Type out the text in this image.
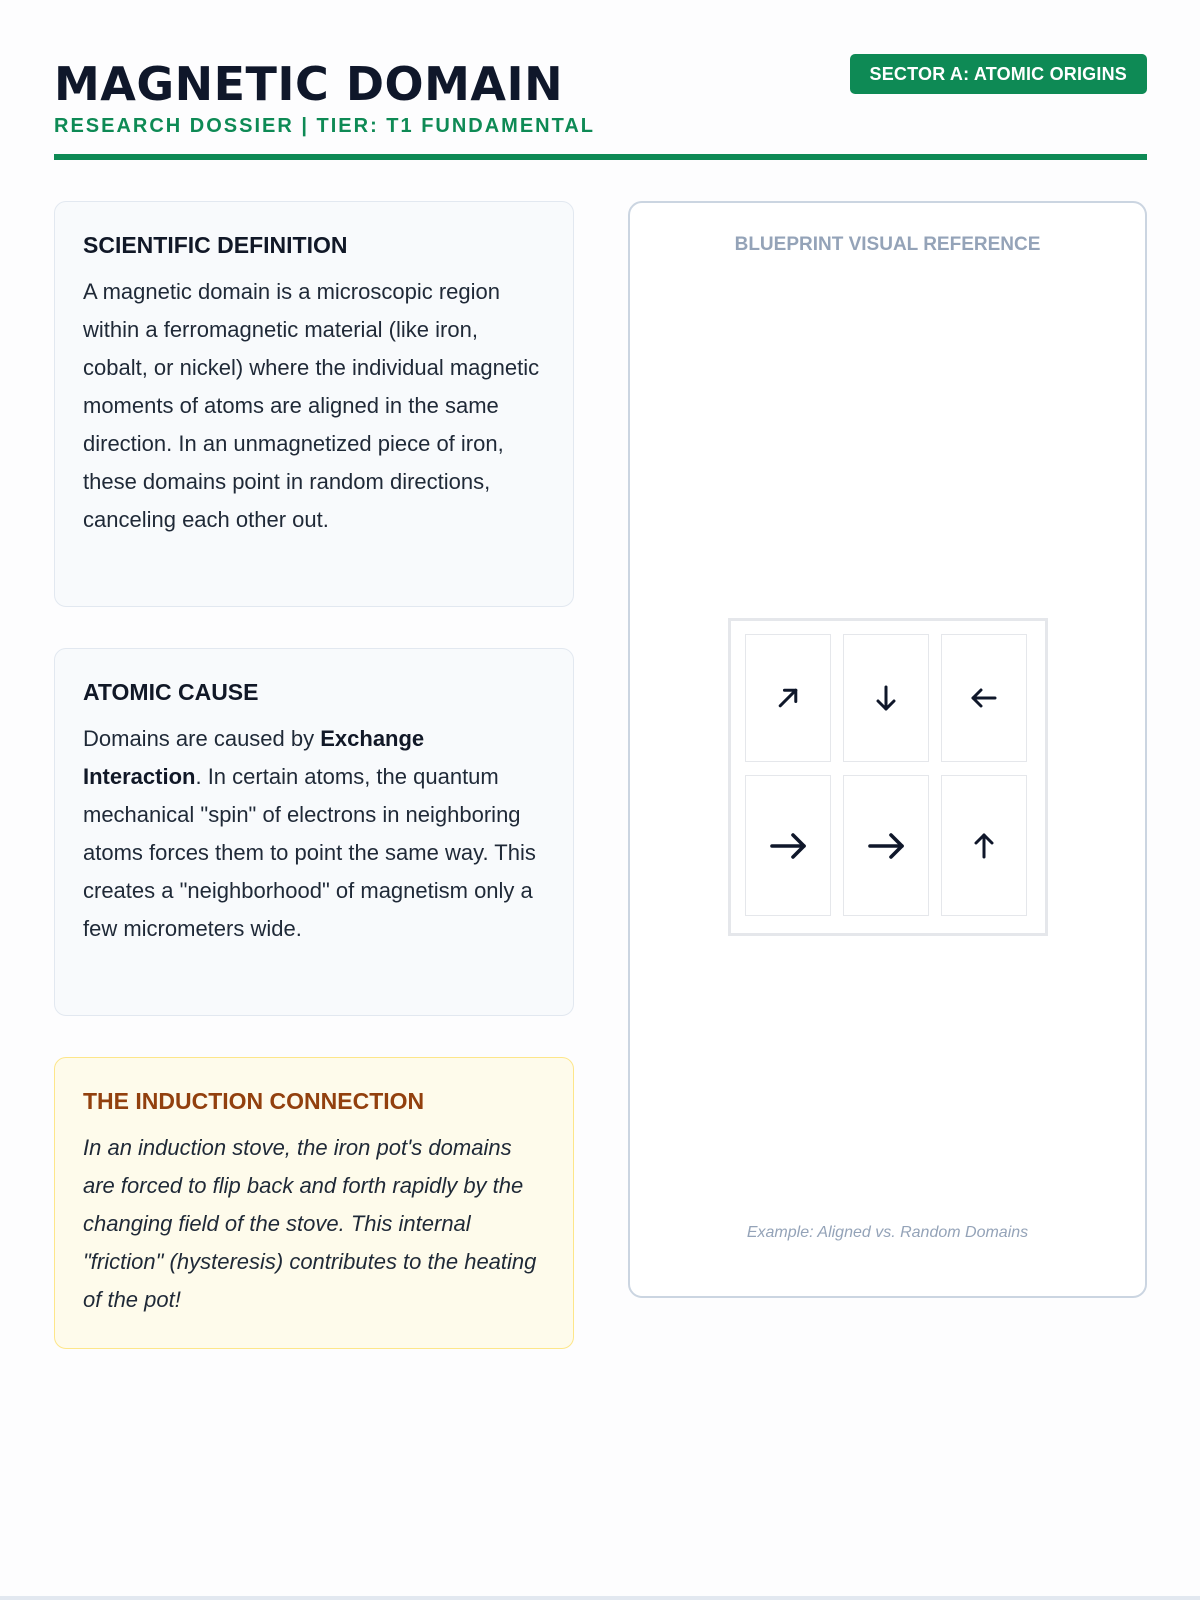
MAGNETIC DOMAIN
RESEARCH DOSSIER | TIER: T1 FUNDAMENTAL
SECTOR A: ATOMIC ORIGINS
SCIENTIFIC DEFINITION

A magnetic domain is a microscopic region within a ferromagnetic material (like iron, cobalt, or nickel) where the individual magnetic moments of atoms are aligned in the same direction. In an unmagnetized piece of iron, these domains point in random directions, canceling each other out.

ATOMIC CAUSE

Domains are caused by Exchange Interaction. In certain atoms, the quantum mechanical "spin" of electrons in neighboring atoms forces them to point the same way. This creates a "neighborhood" of magnetism only a few micrometers wide.

THE INDUCTION CONNECTION

In an induction stove, the iron pot's domains are forced to flip back and forth rapidly by the changing field of the stove. This internal "friction" (hysteresis) contributes to the heating of the pot!

BLUEPRINT VISUAL REFERENCE
Example: Aligned vs. Random Domains
